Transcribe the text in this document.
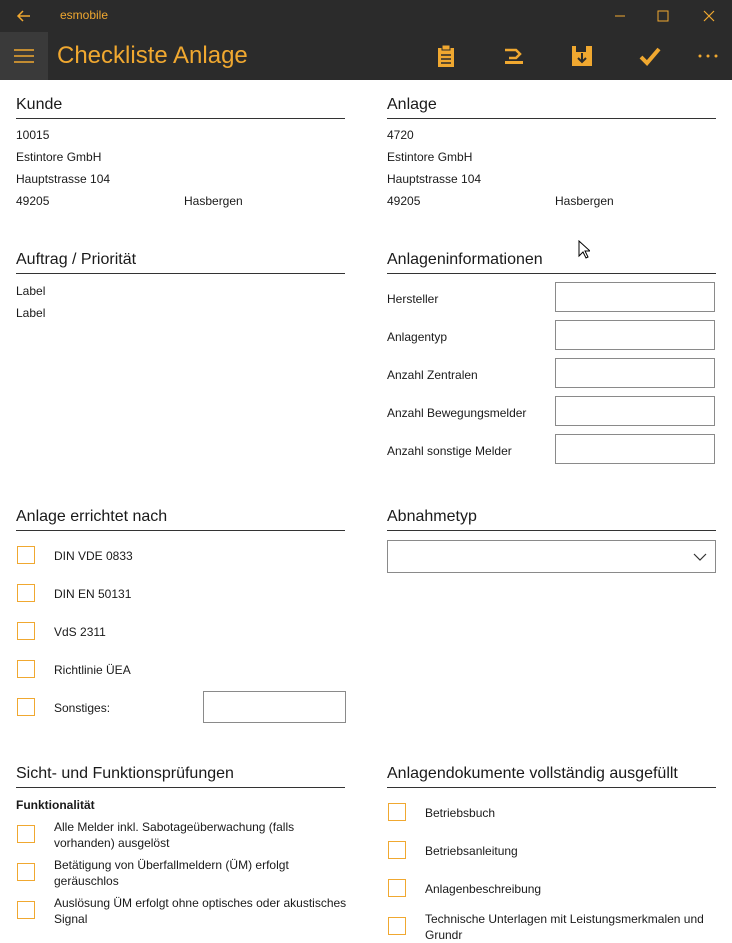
esmobile
Checkliste Anlage
Kunde
10015
Estintore GmbH
Hauptstrasse 104
49205	Hasbergen
Anlage
4720
Estintore GmbH
Hauptstrasse 104
49205	Hasbergen
Auftrag / Priorität
Label
Label
Anlageninformationen
Hersteller
Anlagentyp
Anzahl Zentralen
Anzahl Bewegungsmelder
Anzahl sonstige Melder
Anlage errichtet nach
DIN VDE 0833
DIN EN 50131
VdS 2311
Richtlinie ÜEA
Sonstiges:
Abnahmetyp
Sicht- und Funktionsprüfungen
Funktionalität
Alle Melder inkl. Sabotageüberwachung (falls vorhanden) ausgelöst
Betätigung von Überfallmeldern (ÜM) erfolgt geräuschlos
Auslösung ÜM erfolgt ohne optisches oder akustisches Signal
Anlagendokumente vollständig ausgefüllt
Betriebsbuch
Betriebsanleitung
Anlagenbeschreibung
Technische Unterlagen mit Leistungsmerkmalen und Grundr
